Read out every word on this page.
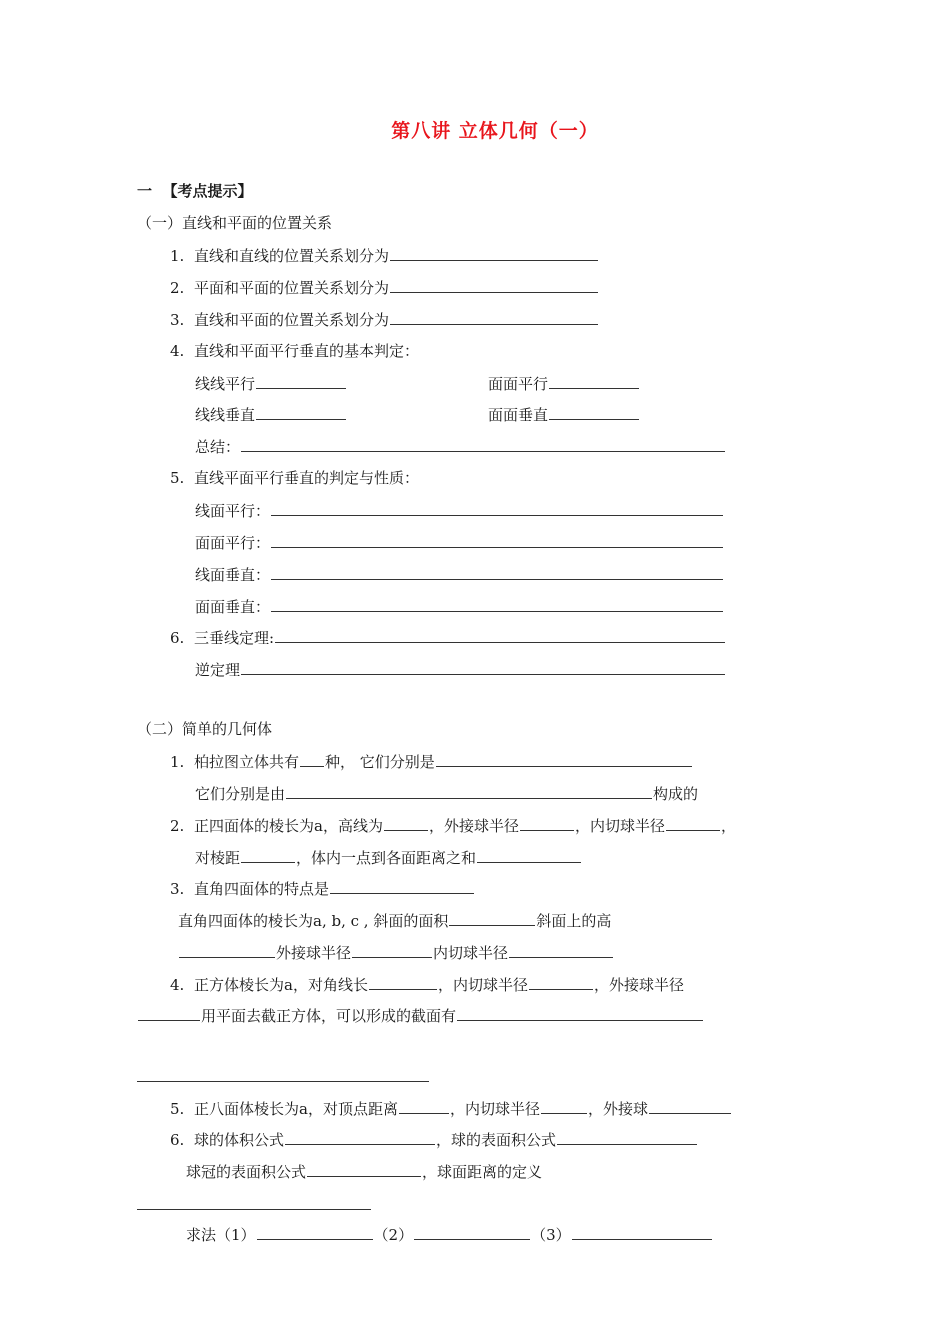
第八讲 立体几何（一）
一 【考点提示】
（一）直线和平面的位置关系
1. 直线和直线的位置关系划分为
2. 平面和平面的位置关系划分为
3. 直线和平面的位置关系划分为
4. 直线和平面平行垂直的基本判定：
线线平行	面面平行
线线垂直	面面垂直
总结：
5. 直线平面平行垂直的判定与性质：
线面平行：
面面平行：
线面垂直：
面面垂直：
6. 三垂线定理:
逆定理
（二）简单的几何体
1. 柏拉图立体共有 种， 它们分别是
它们分别是由	构成的
2. 正四面体的棱长为a，高线为	，外接球半径	，内切球半径	，
对棱距	，体内一点到各面距离之和
3. 直角四面体的特点是
直角四面体的棱长为a, b, c , 斜面的面积	斜面上的高
外接球半径	内切球半径
4. 正方体棱长为a，对角线长	，内切球半径	，外接球半径
用平面去截正方体，可以形成的截面有
5. 正八面体棱长为a，对顶点距离	，内切球半径	，外接球
6. 球的体积公式	，球的表面积公式
球冠的表面积公式	，球面距离的定义
求法（1）	（2）	（3）
